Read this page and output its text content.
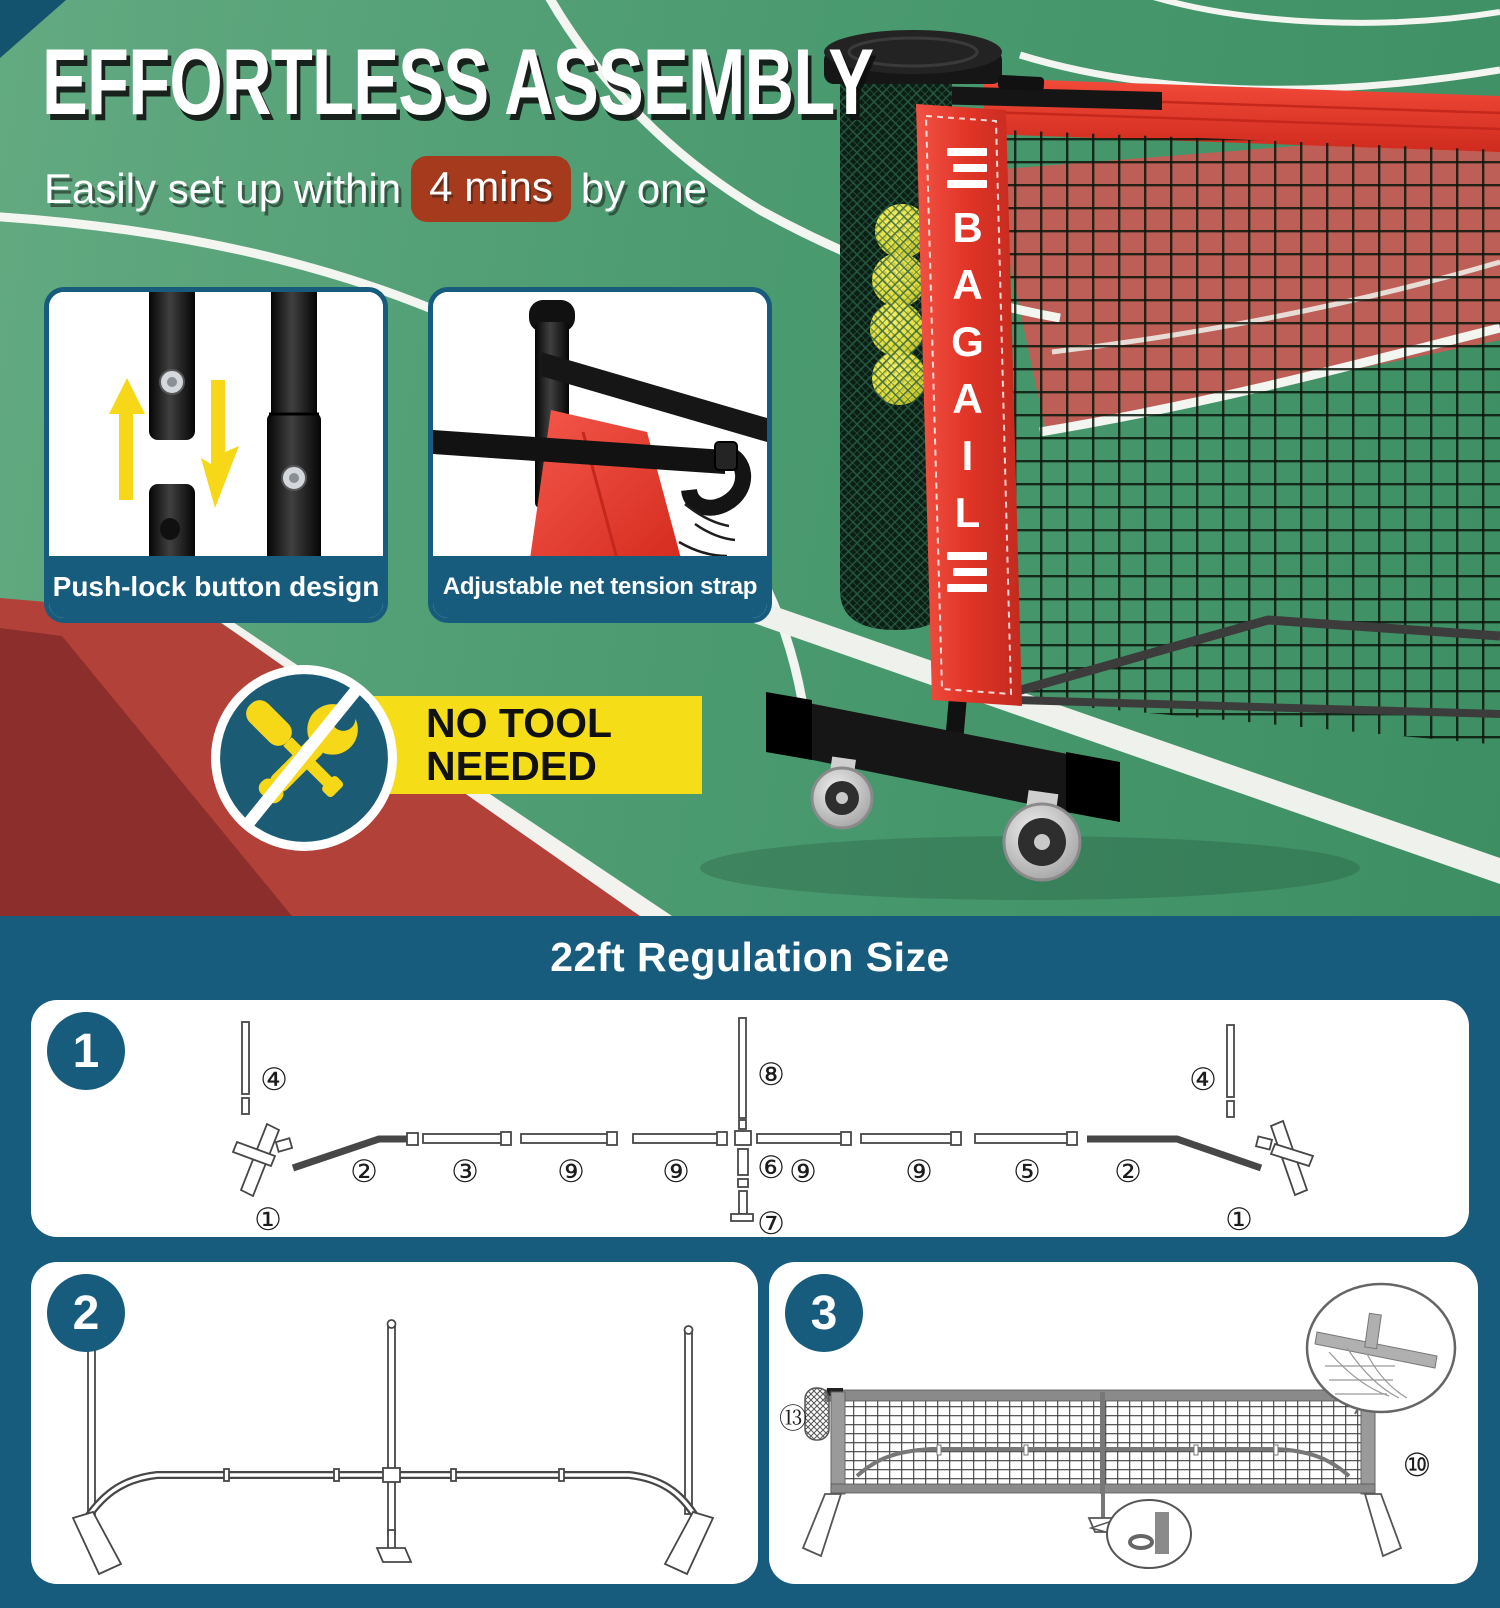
EFFORTLESS ASSEMBLY
Easily set up within 4 mins by one
Push-lock button design	Adjustable net tension strap
NO TOOL
NEEDED
BAGAIL
22ft Regulation Size
④
①
② ③	⑨ ⑨
⑧
⑥
⑦
⑨	⑨	⑤ ②
①
④
1
2
⑬
⑩
3
